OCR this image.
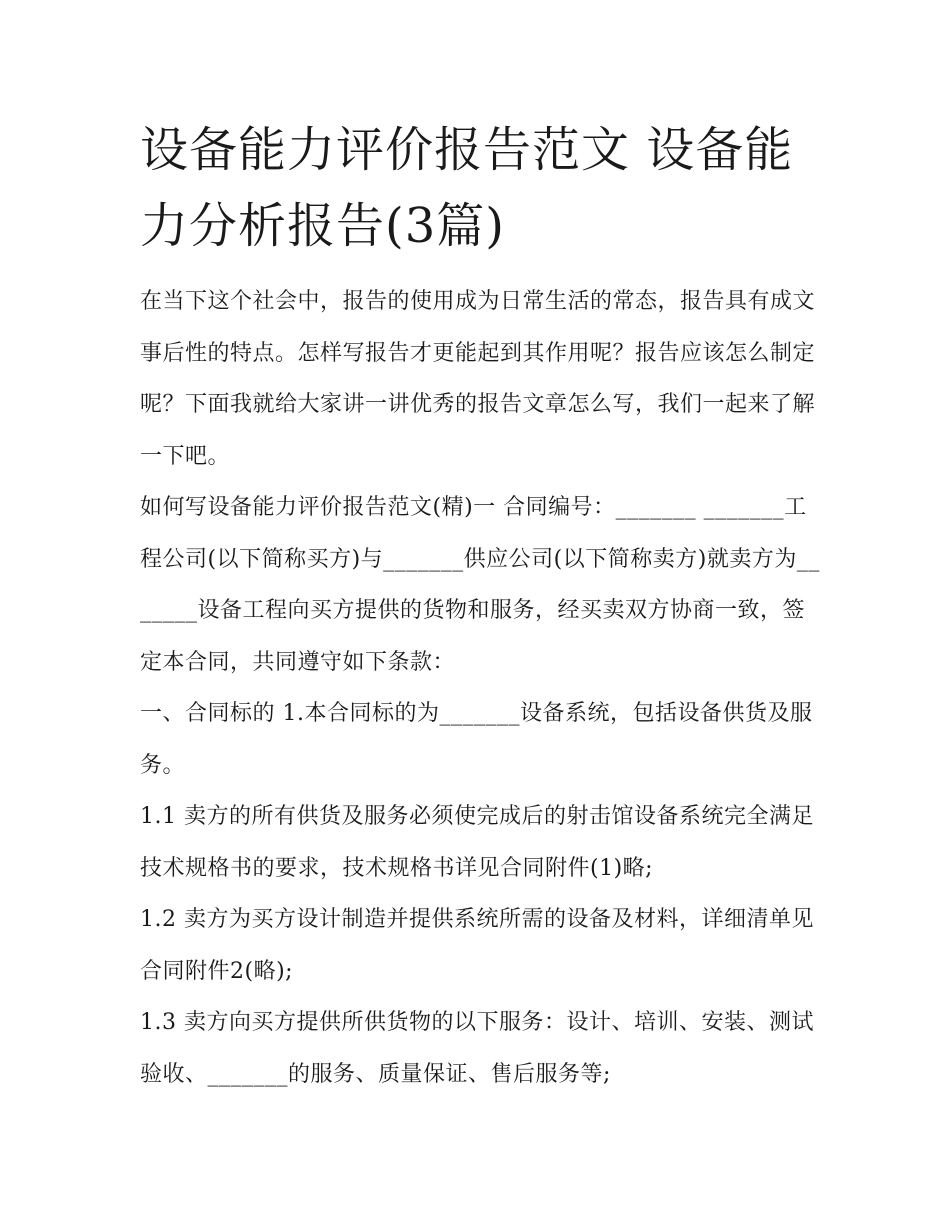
设备能力评价报告范文 设备能力分析报告(3篇)

在当下这个社会中，报告的使用成为日常生活的常态，报告具有成文事后性的特点。怎样写报告才更能起到其作用呢？报告应该怎么制定呢？下面我就给大家讲一讲优秀的报告文章怎么写，我们一起来了解一下吧。

如何写设备能力评价报告范文(精)一 合同编号：_______ _______工程公司(以下简称买方)与_______供应公司(以下简称卖方)就卖方为_______设备工程向买方提供的货物和服务，经买卖双方协商一致，签定本合同，共同遵守如下条款：

一、合同标的 1.本合同标的为_______设备系统，包括设备供货及服务。

1.1 卖方的所有供货及服务必须使完成后的射击馆设备系统完全满足技术规格书的要求，技术规格书详见合同附件(1)略;

1.2 卖方为买方设计制造并提供系统所需的设备及材料，详细清单见合同附件2(略);

1.3 卖方向买方提供所供货物的以下服务：设计、培训、安装、测试验收、_______的服务、质量保证、售后服务等;
